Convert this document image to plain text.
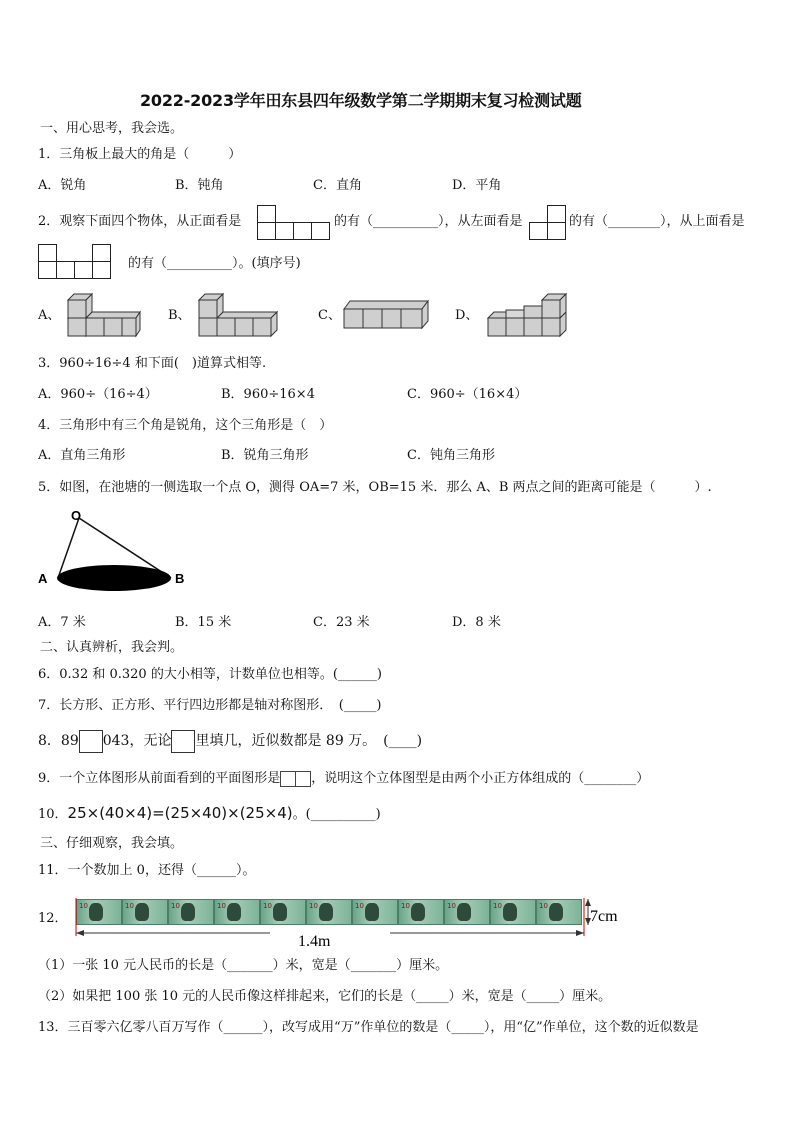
2022-2023学年田东县四年级数学第二学期期末复习检测试题
一、用心思考，我会选。
1．三角板上最大的角是（　　　）
A．锐角	B．钝角	C．直角	D．平角
2．观察下面四个物体，从正面看是

				的有（__________），从左面看是

		的有（________），从上面看是

的有（__________）。(填序号)
A、	B、	C、	D、
3．960÷16÷4 和下面(　)道算式相等.
A．960÷（16÷4）	B．960÷16×4	C．960÷（16×4）
4．三角形中有三个角是锐角，这个三角形是（　）
A．直角三角形	B．锐角三角形	C．钝角三角形
5．如图，在池塘的一侧选取一个点 O，测得 OA=7 米，OB=15 米．那么 A、B 两点之间的距离可能是（　　　）.
O
A	B
A．7 米	B．15 米	C．23 米	D．8 米
二、认真辨析，我会判。
6．0.32 和 0.320 的大小相等，计数单位也相等。(______)
7．长方形、正方形、平行四边形都是轴对称图形．　(_____)
8．89 043，无论 里填几，近似数都是 89 万。　(____)
9．一个立体图形从前面看到的平面图形是 ，说明这个立体图型是由两个小正方体组成的（________）
10．25×(40×4)=(25×40)×(25×4)。(__________)
三、仔细观察，我会填。
11．一个数加上 0，还得（______）。
12．
10	10	10	10	10	10	10	10	10	10	10
1.4m
7cm
（1）一张 10 元人民币的长是（_______）米，宽是（_______）厘米。
（2）如果把 100 张 10 元的人民币像这样排起来，它们的长是（_____）米，宽是（_____）厘米。
13．三百零六亿零八百万写作（______），改写成用“万”作单位的数是（_____），用“亿”作单位，这个数的近似数是
